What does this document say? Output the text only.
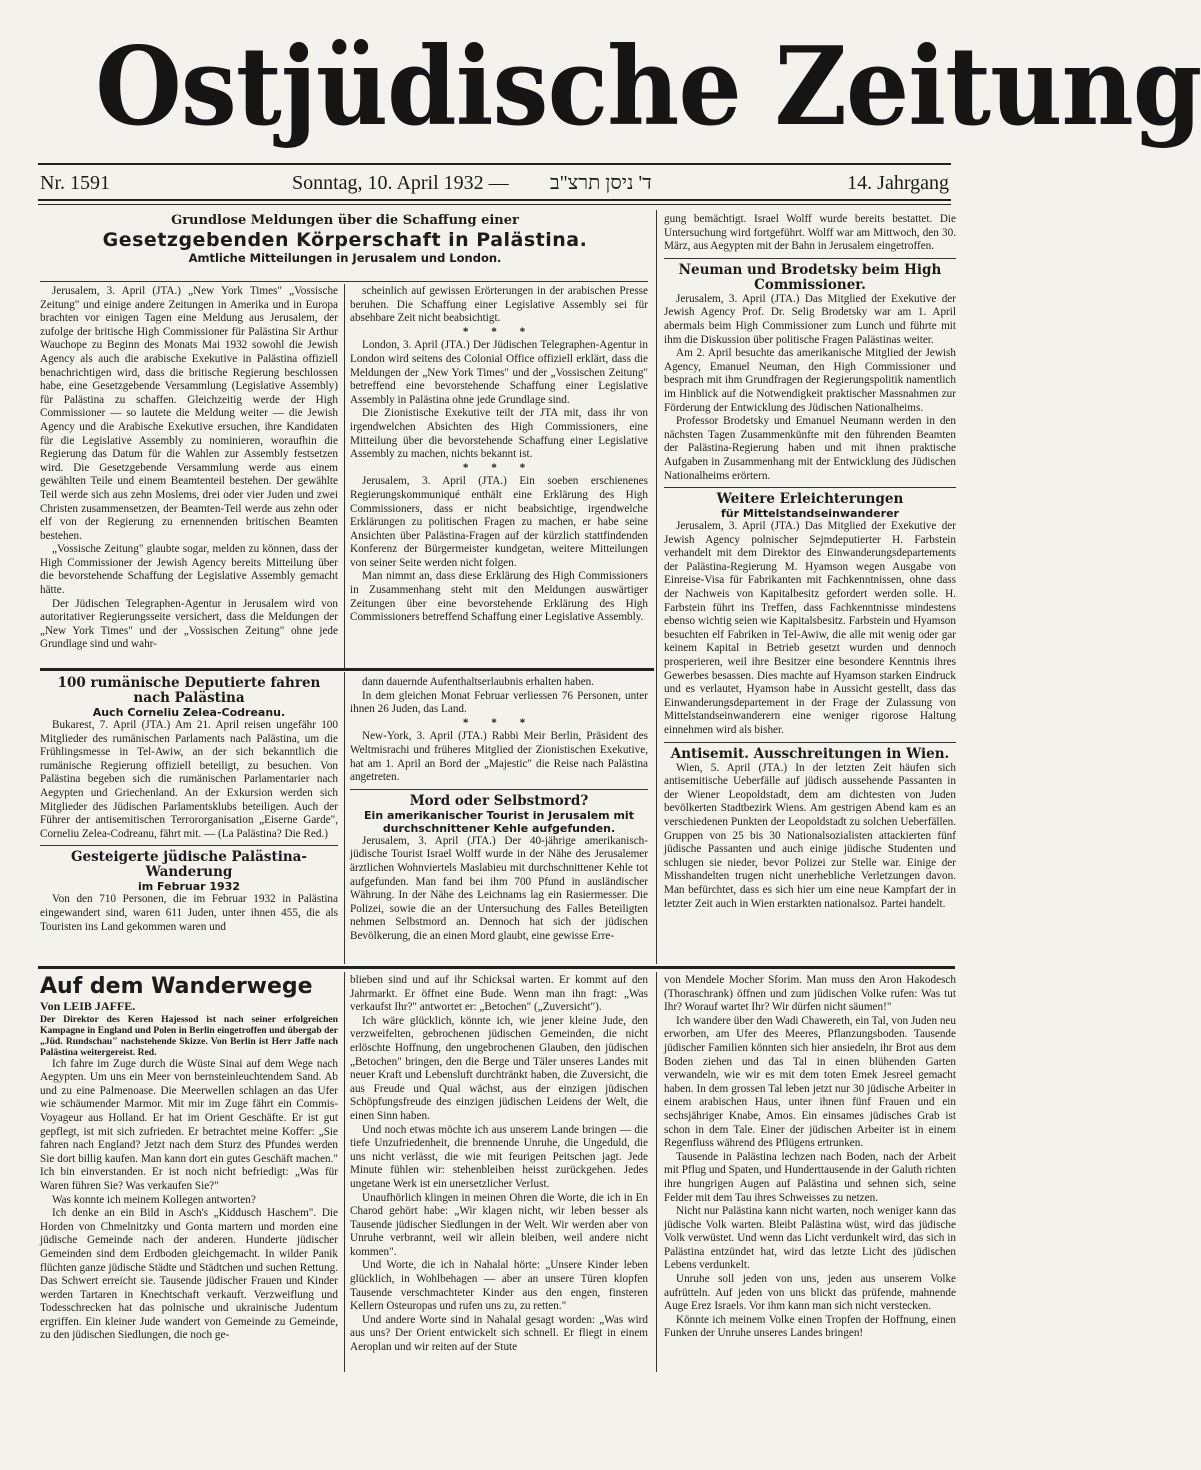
Ostjüdische Zeitung
Nr. 1591	Sonntag, 10. April 1932 — ד' ניסן תרצ"ב	14. Jahrgang

Grundlose Meldungen über die Schaffung einer

Gesetzgebenden Körperschaft in Palästina.

Amtliche Mitteilungen in Jerusalem und London.

Jerusalem, 3. April (JTA.) „New York Times" „Vossische Zeitung" und einige andere Zeitungen in Amerika und in Europa brachten vor einigen Tagen eine Meldung aus Jerusalem, der zufolge der britische High Commissioner für Palästina Sir Arthur Wauchope zu Beginn des Monats Mai 1932 sowohl die Jewish Agency als auch die arabische Exekutive in Palästina offiziell benachrichtigen wird, dass die britische Regierung beschlossen habe, eine Gesetzgebende Versammlung (Legislative Assembly) für Palästina zu schaffen. Gleichzeitig werde der High Commissioner — so lautete die Meldung weiter — die Jewish Agency und die Arabische Exekutive ersuchen, ihre Kandidaten für die Legislative Assembly zu nominieren, woraufhin die Regierung das Datum für die Wahlen zur Assembly festsetzen wird. Die Gesetzgebende Versammlung werde aus einem gewählten Teile und einem Beamtenteil bestehen. Der gewählte Teil werde sich aus zehn Moslems, drei oder vier Juden und zwei Christen zusammensetzen, der Beamten-Teil werde aus zehn oder elf von der Regierung zu ernennenden britischen Beamten bestehen.

„Vossische Zeitung" glaubte sogar, melden zu können, dass der High Commissioner der Jewish Agency bereits Mitteilung über die bevorstehende Schaffung der Legislative Assembly gemacht hätte.

Der Jüdischen Telegraphen-Agentur in Jerusalem wird von autoritativer Regierungsseite versichert, dass die Meldungen der „New York Times" und der „Vossischen Zeitung" ohne jede Grundlage sind und wahr-

scheinlich auf gewissen Erörterungen in der arabischen Presse beruhen. Die Schaffung einer Legislative Assembly sei für absehbare Zeit nicht beabsichtigt.

* * *

London, 3. April (JTA.) Der Jüdischen Telegraphen-Agentur in London wird seitens des Colonial Office offiziell erklärt, dass die Meldungen der „New York Times" und der „Vossischen Zeitung" betreffend eine bevorstehende Schaffung einer Legislative Assembly in Palästina ohne jede Grundlage sind.

Die Zionistische Exekutive teilt der JTA mit, dass ihr von irgendwelchen Absichten des High Commissioners, eine Mitteilung über die bevorstehende Schaffung einer Legislative Assembly zu machen, nichts bekannt ist.

* * *

Jerusalem, 3. April (JTA.) Ein soeben erschienenes Regierungskommuniqué enthält eine Erklärung des High Commissioners, dass er nicht beabsichtige, irgendwelche Erklärungen zu politischen Fragen zu machen, er habe seine Ansichten über Palästina-Fragen auf der kürzlich stattfindenden Konferenz der Bürgermeister kundgetan, weitere Mitteilungen von seiner Seite werden nicht folgen.

Man nimmt an, dass diese Erklärung des High Commissioners in Zusammenhang steht mit den Meldungen auswärtiger Zeitungen über eine bevorstehende Erklärung des High Commissioners betreffend Schaffung einer Legislative Assembly.

gung bemächtigt. Israel Wolff wurde bereits bestattet. Die Untersuchung wird fortgeführt. Wolff war am Mittwoch, den 30. März, aus Aegypten mit der Bahn in Jerusalem eingetroffen.

Neuman und Brodetsky beim High Commissioner.

Jerusalem, 3. April (JTA.) Das Mitglied der Exekutive der Jewish Agency Prof. Dr. Selig Brodetsky war am 1. April abermals beim High Commissioner zum Lunch und führte mit ihm die Diskussion über politische Fragen Palästinas weiter.

Am 2. April besuchte das amerikanische Mitglied der Jewish Agency, Emanuel Neuman, den High Commissioner und besprach mit ihm Grundfragen der Regierungspolitik namentlich im Hinblick auf die Notwendigkeit praktischer Massnahmen zur Förderung der Entwicklung des Jüdischen Nationalheims.

Professor Brodetsky und Emanuel Neumann werden in den nächsten Tagen Zusammenkünfte mit den führenden Beamten der Palästina-Regierung haben und mit ihnen praktische Aufgaben in Zusammenhang mit der Entwicklung des Jüdischen Nationalheims erörtern.

Weitere Erleichterungen

für Mittelstandseinwanderer

Jerusalem, 3. April (JTA.) Das Mitglied der Exekutive der Jewish Agency polnischer Sejmdeputierter H. Farbstein verhandelt mit dem Direktor des Einwanderungsdepartements der Palästina-Regierung M. Hyamson wegen Ausgabe von Einreise-Visa für Fabrikanten mit Fachkenntnissen, ohne dass der Nachweis von Kapitalbesitz gefordert werden solle. H. Farbstein führt ins Treffen, dass Fachkenntnisse mindestens ebenso wichtig seien wie Kapitalsbesitz. Farbstein und Hyamson besuchten elf Fabriken in Tel-Awiw, die alle mit wenig oder gar keinem Kapital in Betrieb gesetzt wurden und dennoch prosperieren, weil ihre Besitzer eine besondere Kenntnis ihres Gewerbes besassen. Dies machte auf Hyamson starken Eindruck und es verlautet, Hyamson habe in Aussicht gestellt, dass das Einwanderungsdepartement in der Frage der Zulassung von Mittelstandseinwanderern eine weniger rigorose Haltung einnehmen wird als bisher.

Antisemit. Ausschreitungen in Wien.

Wien, 5. April (JTA.) In der letzten Zeit häufen sich antisemitische Ueberfälle auf jüdisch aussehende Passanten in der Wiener Leopoldstadt, dem am dichtesten von Juden bevölkerten Stadtbezirk Wiens. Am gestrigen Abend kam es an verschiedenen Punkten der Leopoldstadt zu solchen Ueberfällen. Gruppen von 25 bis 30 Nationalsozialisten attackierten fünf jüdische Passanten und auch einige jüdische Studenten und schlugen sie nieder, bevor Polizei zur Stelle war. Einige der Misshandelten trugen nicht unerhebliche Verletzungen davon. Man befürchtet, dass es sich hier um eine neue Kampfart der in letzter Zeit auch in Wien erstarkten nationalsoz. Partei handelt.

100 rumänische Deputierte fahren nach Palästina

Auch Corneliu Zelea-Codreanu.

Bukarest, 7. April (JTA.) Am 21. April reisen ungefähr 100 Mitglieder des rumänischen Parlaments nach Palästina, um die Frühlingsmesse in Tel-Awiw, an der sich bekanntlich die rumänische Regierung offiziell beteiligt, zu besuchen. Von Palästina begeben sich die rumänischen Parlamentarier nach Aegypten und Griechenland. An der Exkursion werden sich Mitglieder des Jüdischen Parlamentsklubs beteiligen. Auch der Führer der antisemitischen Terrororganisation „Eiserne Garde", Corneliu Zelea-Codreanu, fährt mit. — (La Palästina? Die Red.)

Gesteigerte jüdische Palästina-Wanderung

im Februar 1932

Von den 710 Personen, die im Februar 1932 in Palästina eingewandert sind, waren 611 Juden, unter ihnen 455, die als Touristen ins Land gekommen waren und

dann dauernde Aufenthaltserlaubnis erhalten haben.

In dem gleichen Monat Februar verliessen 76 Personen, unter ihnen 26 Juden, das Land.

* * *

New-York, 3. April (JTA.) Rabbi Meir Berlin, Präsident des Weltmisrachi und früheres Mitglied der Zionistischen Exekutive, hat am 1. April an Bord der „Majestic" die Reise nach Palästina angetreten.

Mord oder Selbstmord?

Ein amerikanischer Tourist in Jerusalem mit durchschnittener Kehle aufgefunden.

Jerusalem, 3. April (JTA.) Der 40-jährige amerikanisch-jüdische Tourist Israel Wolff wurde in der Nähe des Jerusalemer ärztlichen Wohnviertels Maslabieu mit durchschnittener Kehle tot aufgefunden. Man fand bei ihm 700 Pfund in ausländischer Währung. In der Nähe des Leichnams lag ein Rasiermesser. Die Polizei, sowie die an der Untersuchung des Falles Beteiligten nehmen Selbstmord an. Dennoch hat sich der jüdischen Bevölkerung, die an einen Mord glaubt, eine gewisse Erre-

Auf dem Wanderwege

Von LEIB JAFFE.

Der Direktor des Keren Hajessod ist nach seiner erfolgreichen Kampagne in England und Polen in Berlin eingetroffen und übergab der „Jüd. Rundschau" nachstehende Skizze. Von Berlin ist Herr Jaffe nach Palästina weitergereist. Red.

Ich fahre im Zuge durch die Wüste Sinai auf dem Wege nach Aegypten. Um uns ein Meer von bernsteinleuchtendem Sand. Ab und zu eine Palmenoase. Die Meerwellen schlagen an das Ufer wie schäumender Marmor. Mit mir im Zuge fährt ein Commis-Voyageur aus Holland. Er hat im Orient Geschäfte. Er ist gut gepflegt, ist mit sich zufrieden. Er betrachtet meine Koffer: „Sie fahren nach England? Jetzt nach dem Sturz des Pfundes werden Sie dort billig kaufen. Man kann dort ein gutes Geschäft machen." Ich bin einverstanden. Er ist noch nicht befriedigt: „Was für Waren führen Sie? Was verkaufen Sie?"

Was konnte ich meinem Kollegen antworten?

Ich denke an ein Bild in Asch's „Kiddusch Haschem". Die Horden von Chmelnitzky und Gonta martern und morden eine jüdische Gemeinde nach der anderen. Hunderte jüdischer Gemeinden sind dem Erdboden gleichgemacht. In wilder Panik flüchten ganze jüdische Städte und Städtchen und suchen Rettung. Das Schwert erreicht sie. Tausende jüdischer Frauen und Kinder werden Tartaren in Knechtschaft verkauft. Verzweiflung und Todesschrecken hat das polnische und ukrainische Judentum ergriffen. Ein kleiner Jude wandert von Gemeinde zu Gemeinde, zu den jüdischen Siedlungen, die noch ge-

blieben sind und auf ihr Schicksal warten. Er kommt auf den Jahrmarkt. Er öffnet eine Bude. Wenn man ihn fragt: „Was verkaufst Ihr?" antwortet er: „Betochen" („Zuversicht").

Ich wäre glücklich, könnte ich, wie jener kleine Jude, den verzweifelten, gebrochenen jüdischen Gemeinden, die nicht erlöschte Hoffnung, den ungebrochenen Glauben, den jüdischen „Betochen" bringen, den die Berge und Täler unseres Landes mit neuer Kraft und Lebensluft durchtränkt haben, die Zuversicht, die aus Freude und Qual wächst, aus der einzigen jüdischen Schöpfungsfreude des einzigen jüdischen Leidens der Welt, die einen Sinn haben.

Und noch etwas möchte ich aus unserem Lande bringen — die tiefe Unzufriedenheit, die brennende Unruhe, die Ungeduld, die uns nicht verlässt, die wie mit feurigen Peitschen jagt. Jede Minute fühlen wir: stehenbleiben heisst zurückgehen. Jedes ungetane Werk ist ein unersetzlicher Verlust.

Unaufhörlich klingen in meinen Ohren die Worte, die ich in En Charod gehört habe: „Wir klagen nicht, wir leben besser als Tausende jüdischer Siedlungen in der Welt. Wir werden aber von Unruhe verbrannt, weil wir allein bleiben, weil andere nicht kommen".

Und Worte, die ich in Nahalal hörte: „Unsere Kinder leben glücklich, in Wohlbehagen — aber an unsere Türen klopfen Tausende verschmachteter Kinder aus den engen, finsteren Kellern Osteuropas und rufen uns zu, zu retten."

Und andere Worte sind in Nahalal gesagt worden: „Was wird aus uns? Der Orient entwickelt sich schnell. Er fliegt in einem Aeroplan und wir reiten auf der Stute

von Mendele Mocher Sforim. Man muss den Aron Hakodesch (Thoraschrank) öffnen und zum jüdischen Volke rufen: Was tut Ihr? Worauf wartet Ihr? Wir dürfen nicht säumen!"

Ich wandere über den Wadi Chawereth, ein Tal, von Juden neu erworben, am Ufer des Meeres, Pflanzungsboden. Tausende jüdischer Familien könnten sich hier ansiedeln, ihr Brot aus dem Boden ziehen und das Tal in einen blühenden Garten verwandeln, wie wir es mit dem toten Emek Jesreel gemacht haben. In dem grossen Tal leben jetzt nur 30 jüdische Arbeiter in einem arabischen Haus, unter ihnen fünf Frauen und ein sechsjähriger Knabe, Amos. Ein einsames jüdisches Grab ist schon in dem Tale. Einer der jüdischen Arbeiter ist in einem Regenfluss während des Pflügens ertrunken.

Tausende in Palästina lechzen nach Boden, nach der Arbeit mit Pflug und Spaten, und Hunderttausende in der Galuth richten ihre hungrigen Augen auf Palästina und sehnen sich, seine Felder mit dem Tau ihres Schweisses zu netzen.

Nicht nur Palästina kann nicht warten, noch weniger kann das jüdische Volk warten. Bleibt Palästina wüst, wird das jüdische Volk verwüstet. Und wenn das Licht verdunkelt wird, das sich in Palästina entzündet hat, wird das letzte Licht des jüdischen Lebens verdunkelt.

Unruhe soll jeden von uns, jeden aus unserem Volke aufrütteln. Auf jeden von uns blickt das prüfende, mahnende Auge Erez Israels. Vor ihm kann man sich nicht verstecken.

Könnte ich meinem Volke einen Tropfen der Hoffnung, einen Funken der Unruhe unseres Landes bringen!
